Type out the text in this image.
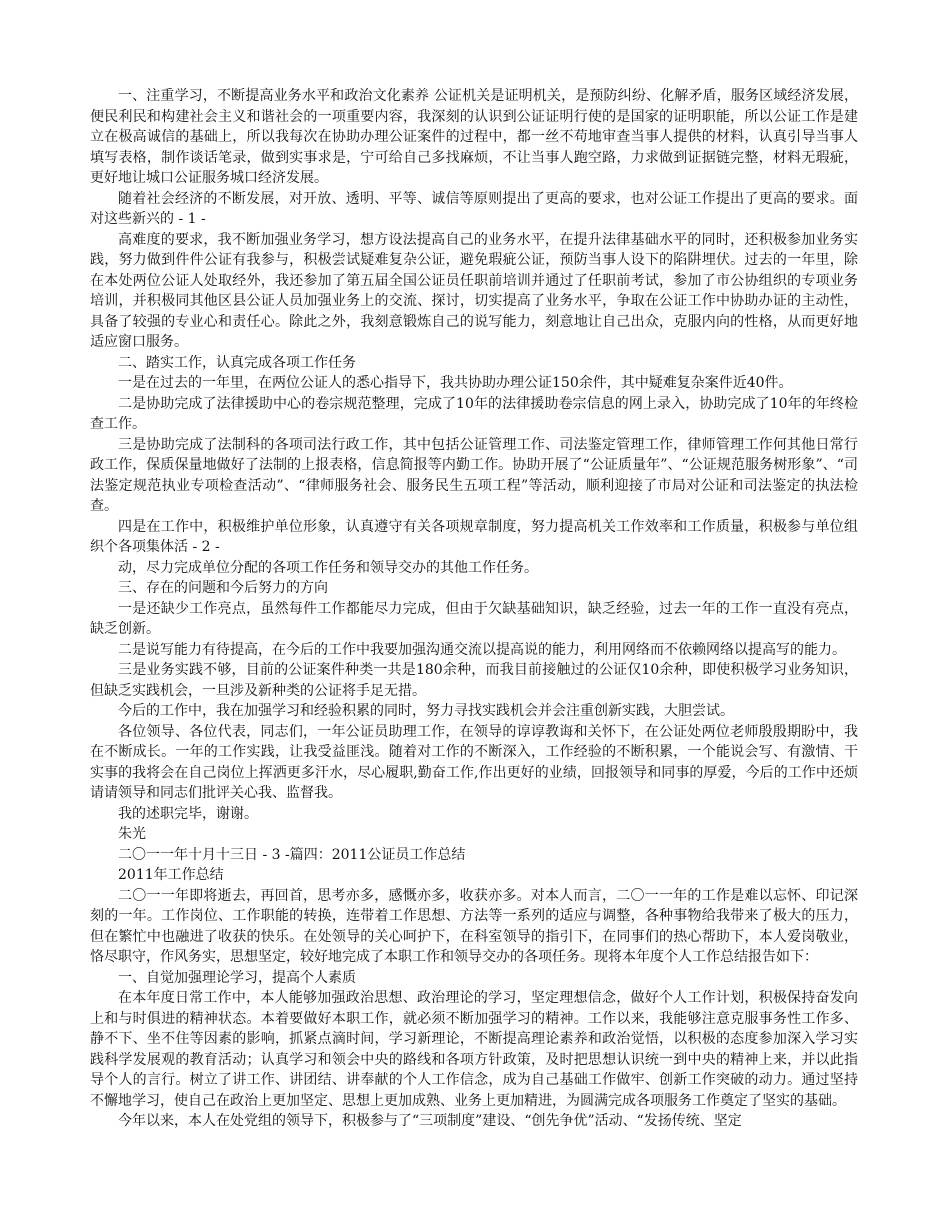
一、注重学习，不断提高业务水平和政治文化素养 公证机关是证明机关，是预防纠纷、化解矛盾，服务区域经济发展，便民利民和构建社会主义和谐社会的一项重要内容，我深刻的认识到公证证明行使的是国家的证明职能，所以公证工作是建立在极高诚信的基础上，所以我每次在协助办理公证案件的过程中，都一丝不苟地审查当事人提供的材料，认真引导当事人填写表格，制作谈话笔录，做到实事求是，宁可给自己多找麻烦，不让当事人跑空路，力求做到证据链完整，材料无瑕疵，更好地让城口公证服务城口经济发展。

随着社会经济的不断发展，对开放、透明、平等、诚信等原则提出了更高的要求，也对公证工作提出了更高的要求。面对这些新兴的 - 1 -

高难度的要求，我不断加强业务学习，想方设法提高自己的业务水平，在提升法律基础水平的同时，还积极参加业务实践，努力做到件件公证有我参与，积极尝试疑难复杂公证，避免瑕疵公证，预防当事人设下的陷阱埋伏。过去的一年里，除在本处两位公证人处取经外，我还参加了第五届全国公证员任职前培训并通过了任职前考试，参加了市公协组织的专项业务培训，并积极同其他区县公证人员加强业务上的交流、探讨，切实提高了业务水平，争取在公证工作中协助办证的主动性，具备了较强的专业心和责任心。除此之外，我刻意锻炼自己的说写能力，刻意地让自己出众，克服内向的性格，从而更好地适应窗口服务。

二、踏实工作，认真完成各项工作任务

一是在过去的一年里，在两位公证人的悉心指导下，我共协助办理公证150余件，其中疑难复杂案件近40件。

二是协助完成了法律援助中心的卷宗规范整理，完成了10年的法律援助卷宗信息的网上录入，协助完成了10年的年终检查工作。

三是协助完成了法制科的各项司法行政工作，其中包括公证管理工作、司法鉴定管理工作，律师管理工作何其他日常行政工作，保质保量地做好了法制的上报表格，信息简报等内勤工作。协助开展了“公证质量年”、“公证规范服务树形象”、“司法鉴定规范执业专项检查活动”、“律师服务社会、服务民生五项工程”等活动，顺利迎接了市局对公证和司法鉴定的执法检查。

四是在工作中，积极维护单位形象，认真遵守有关各项规章制度，努力提高机关工作效率和工作质量，积极参与单位组织个各项集体活 - 2 -

动，尽力完成单位分配的各项工作任务和领导交办的其他工作任务。

三、存在的问题和今后努力的方向

一是还缺少工作亮点，虽然每件工作都能尽力完成，但由于欠缺基础知识，缺乏经验，过去一年的工作一直没有亮点，缺乏创新。

二是说写能力有待提高，在今后的工作中我要加强沟通交流以提高说的能力，利用网络而不依赖网络以提高写的能力。

三是业务实践不够，目前的公证案件种类一共是180余种，而我目前接触过的公证仅10余种，即使积极学习业务知识，但缺乏实践机会，一旦涉及新种类的公证将手足无措。

今后的工作中，我在加强学习和经验积累的同时，努力寻找实践机会并会注重创新实践，大胆尝试。

各位领导、各位代表，同志们，一年公证员助理工作，在领导的谆谆教诲和关怀下，在公证处两位老师殷殷期盼中，我在不断成长。一年的工作实践，让我受益匪浅。随着对工作的不断深入，工作经验的不断积累，一个能说会写、有激情、干实事的我将会在自己岗位上挥洒更多汗水，尽心履职,勤奋工作,作出更好的业绩，回报领导和同事的厚爱，今后的工作中还烦请请领导和同志们批评关心我、监督我。

我的述职完毕，谢谢。

朱光

二〇一一年十月十三日 - 3 -篇四：2011公证员工作总结

2011年工作总结

二〇一一年即将逝去，再回首，思考亦多，感慨亦多，收获亦多。对本人而言，二〇一一年的工作是难以忘怀、印记深刻的一年。工作岗位、工作职能的转换，连带着工作思想、方法等一系列的适应与调整，各种事物给我带来了极大的压力，但在繁忙中也融进了收获的快乐。在处领导的关心呵护下，在科室领导的指引下，在同事们的热心帮助下，本人爱岗敬业，恪尽职守，作风务实，思想坚定，较好地完成了本职工作和领导交办的各项任务。现将本年度个人工作总结报告如下：

一、自觉加强理论学习，提高个人素质

在本年度日常工作中，本人能够加强政治思想、政治理论的学习，坚定理想信念，做好个人工作计划，积极保持奋发向上和与时俱进的精神状态。本着要做好本职工作，就必须不断加强学习的精神。工作以来，我能够注意克服事务性工作多、静不下、坐不住等因素的影响，抓紧点滴时间，学习新理论，不断提高理论素养和政治觉悟，以积极的态度参加深入学习实践科学发展观的教育活动；认真学习和领会中央的路线和各项方针政策，及时把思想认识统一到中央的精神上来，并以此指导个人的言行。树立了讲工作、讲团结、讲奉献的个人工作信念，成为自己基础工作做牢、创新工作突破的动力。通过坚持不懈地学习，使自己在政治上更加坚定、思想上更加成熟、业务上更加精进，为圆满完成各项服务工作奠定了坚实的基础。

今年以来，本人在处党组的领导下，积极参与了“三项制度”建设、“创先争优”活动、“发扬传统、坚定
